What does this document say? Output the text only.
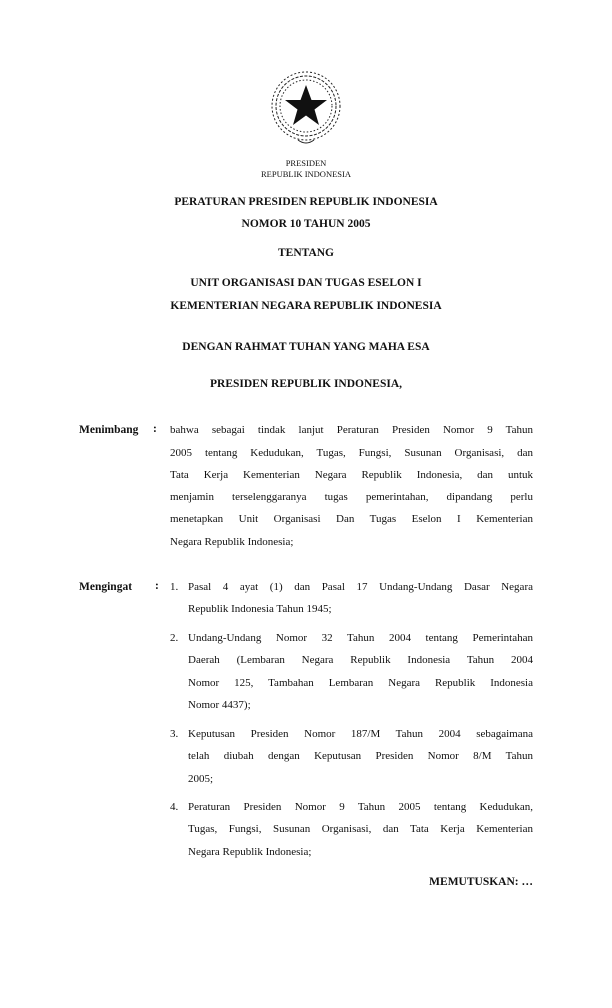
PRESIDEN
REPUBLIK INDONESIA
PERATURAN PRESIDEN REPUBLIK INDONESIA
NOMOR 10 TAHUN 2005
TENTANG
UNIT ORGANISASI DAN TUGAS ESELON I
KEMENTERIAN NEGARA REPUBLIK INDONESIA
DENGAN RAHMAT TUHAN YANG MAHA ESA
PRESIDEN REPUBLIK INDONESIA,
Menimbang : bahwa sebagai tindak lanjut Peraturan Presiden Nomor 9 Tahun
2005 tentang Kedudukan, Tugas, Fungsi, Susunan Organisasi, dan
Tata Kerja Kementerian Negara Republik Indonesia, dan untuk
menjamin terselenggaranya tugas pemerintahan, dipandang perlu
menetapkan Unit Organisasi Dan Tugas Eselon I Kementerian
Negara Republik Indonesia;
Mengingat : 1. Pasal 4 ayat (1) dan Pasal 17 Undang-Undang Dasar Negara
Republik Indonesia Tahun 1945;
2. Undang-Undang Nomor 32 Tahun 2004 tentang Pemerintahan
Daerah (Lembaran Negara Republik Indonesia Tahun 2004
Nomor 125, Tambahan Lembaran Negara Republik Indonesia
Nomor 4437);
3. Keputusan Presiden Nomor 187/M Tahun 2004 sebagaimana
telah diubah dengan Keputusan Presiden Nomor 8/M Tahun
2005;
4. Peraturan Presiden Nomor 9 Tahun 2005 tentang Kedudukan,
Tugas, Fungsi, Susunan Organisasi, dan Tata Kerja Kementerian
Negara Republik Indonesia;
MEMUTUSKAN: …
